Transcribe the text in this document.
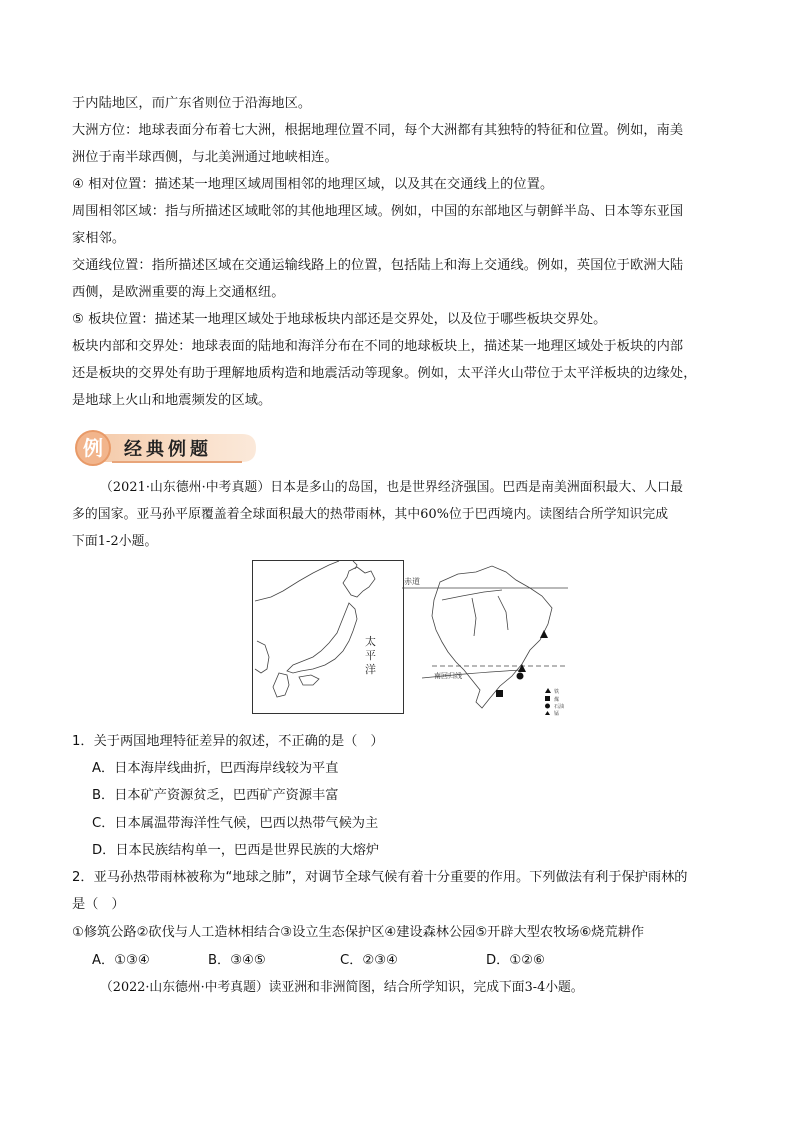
于内陆地区，而广东省则位于沿海地区。
大洲方位：地球表面分布着七大洲，根据地理位置不同，每个大洲都有其独特的特征和位置。例如，南美
洲位于南半球西侧，与北美洲通过地峡相连。
④ 相对位置：描述某一地理区域周围相邻的地理区域，以及其在交通线上的位置。
周围相邻区域：指与所描述区域毗邻的其他地理区域。例如，中国的东部地区与朝鲜半岛、日本等东亚国
家相邻。
交通线位置：指所描述区域在交通运输线路上的位置，包括陆上和海上交通线。例如，英国位于欧洲大陆
西侧，是欧洲重要的海上交通枢纽。
⑤ 板块位置：描述某一地理区域处于地球板块内部还是交界处，以及位于哪些板块交界处。
板块内部和交界处：地球表面的陆地和海洋分布在不同的地球板块上，描述某一地理区域处于板块的内部
还是板块的交界处有助于理解地质构造和地震活动等现象。例如，太平洋火山带位于太平洋板块的边缘处，
是地球上火山和地震频发的区域。
例 经典例题
（2021·山东德州·中考真题）日本是多山的岛国，也是世界经济强国。巴西是南美洲面积最大、人口最
多的国家。亚马孙平原覆盖着全球面积最大的热带雨林，其中60%位于巴西境内。读图结合所学知识完成
下面1-2小题。
太平洋
赤道
南回归线
铁
煤
石油
锰
1．关于两国地理特征差异的叙述，不正确的是（　）
A．日本海岸线曲折，巴西海岸线较为平直
B．日本矿产资源贫乏，巴西矿产资源丰富
C．日本属温带海洋性气候，巴西以热带气候为主
D．日本民族结构单一，巴西是世界民族的大熔炉
2．亚马孙热带雨林被称为“地球之肺”，对调节全球气候有着十分重要的作用。下列做法有利于保护雨林的
是（　）
①修筑公路②砍伐与人工造林相结合③设立生态保护区④建设森林公园⑤开辟大型农牧场⑥烧荒耕作
A．①③④	B．③④⑤	C．②③④	D．①②⑥
（2022·山东德州·中考真题）读亚洲和非洲简图，结合所学知识，完成下面3-4小题。
